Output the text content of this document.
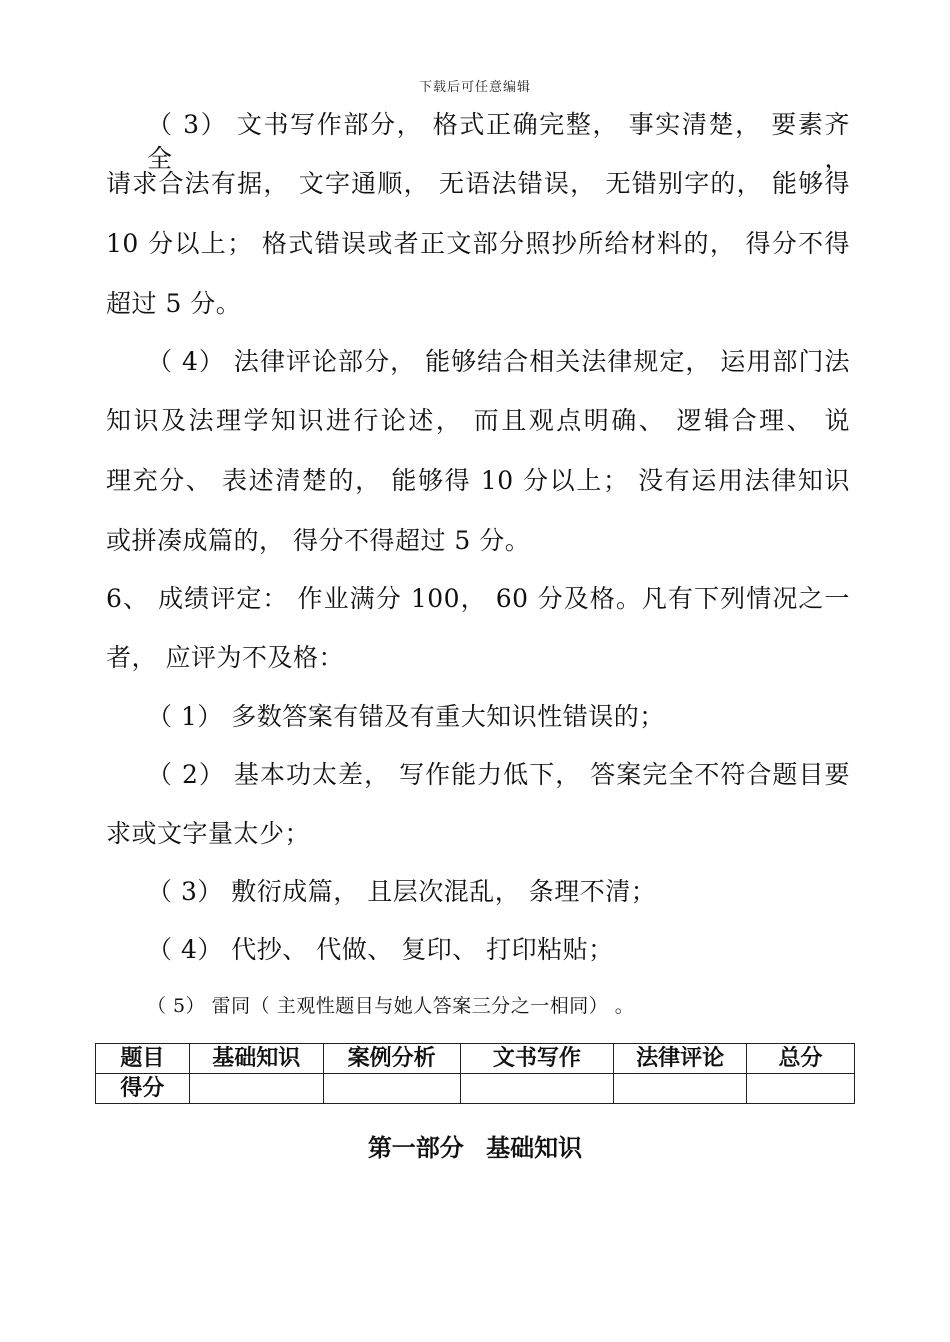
下载后可任意编辑
（ 3） 文书写作部分， 格式正确完整， 事实清楚， 要素齐全，
请求合法有据， 文字通顺， 无语法错误， 无错别字的， 能够得
10 分以上； 格式错误或者正文部分照抄所给材料的， 得分不得
超过 5 分。
（ 4） 法律评论部分， 能够结合相关法律规定， 运用部门法
知识及法理学知识进行论述， 而且观点明确、 逻辑合理、 说
理充分、 表述清楚的， 能够得 10 分以上； 没有运用法律知识
或拼凑成篇的， 得分不得超过 5 分。
6、 成绩评定： 作业满分 100， 60 分及格。凡有下列情况之一
者， 应评为不及格：
（ 1） 多数答案有错及有重大知识性错误的；
（ 2） 基本功太差， 写作能力低下， 答案完全不符合题目要
求或文字量太少；
（ 3） 敷衍成篇， 且层次混乱， 条理不清；
（ 4） 代抄、 代做、 复印、 打印粘贴；
（ 5） 雷同（ 主观性题目与她人答案三分之一相同） 。
题目	基础知识	案例分析	文书写作	法律评论	总分
得分					
第一部分 基础知识
